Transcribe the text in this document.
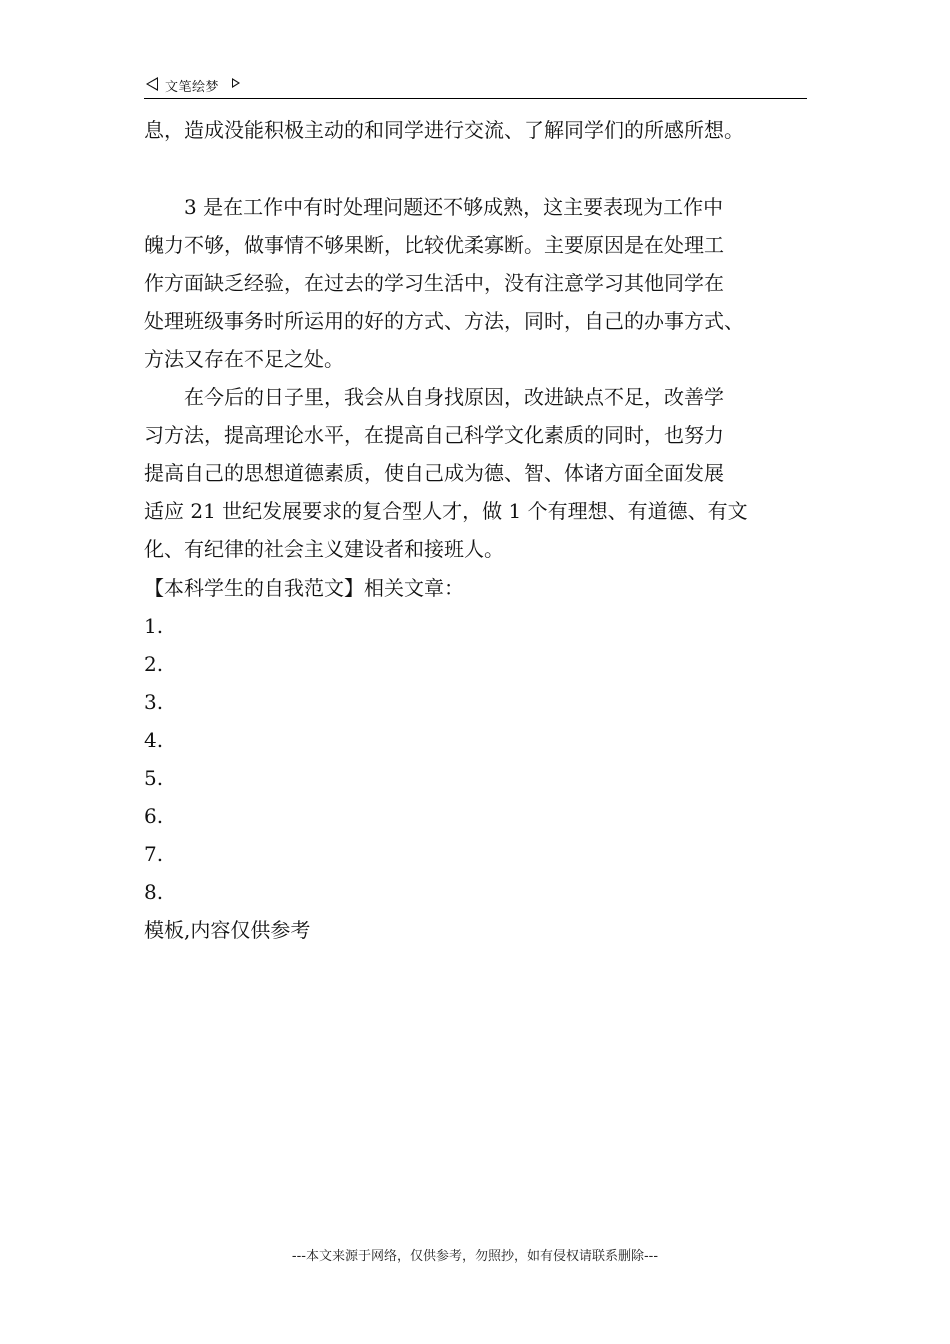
文笔绘梦
息，造成没能积极主动的和同学进行交流、了解同学们的所感所想。
　　3 是在工作中有时处理问题还不够成熟，这主要表现为工作中
魄力不够，做事情不够果断，比较优柔寡断。主要原因是在处理工
作方面缺乏经验，在过去的学习生活中，没有注意学习其他同学在
处理班级事务时所运用的好的方式、方法，同时，自己的办事方式、
方法又存在不足之处。
　　在今后的日子里，我会从自身找原因，改进缺点不足，改善学
习方法，提高理论水平，在提高自己科学文化素质的同时，也努力
提高自己的思想道德素质，使自己成为德、智、体诸方面全面发展
适应 21 世纪发展要求的复合型人才，做 1 个有理想、有道德、有文
化、有纪律的社会主义建设者和接班人。
【本科学生的自我范文】相关文章：
1.
2.
3.
4.
5.
6.
7.
8.
模板,内容仅供参考
---本文来源于网络，仅供参考，勿照抄，如有侵权请联系删除---
